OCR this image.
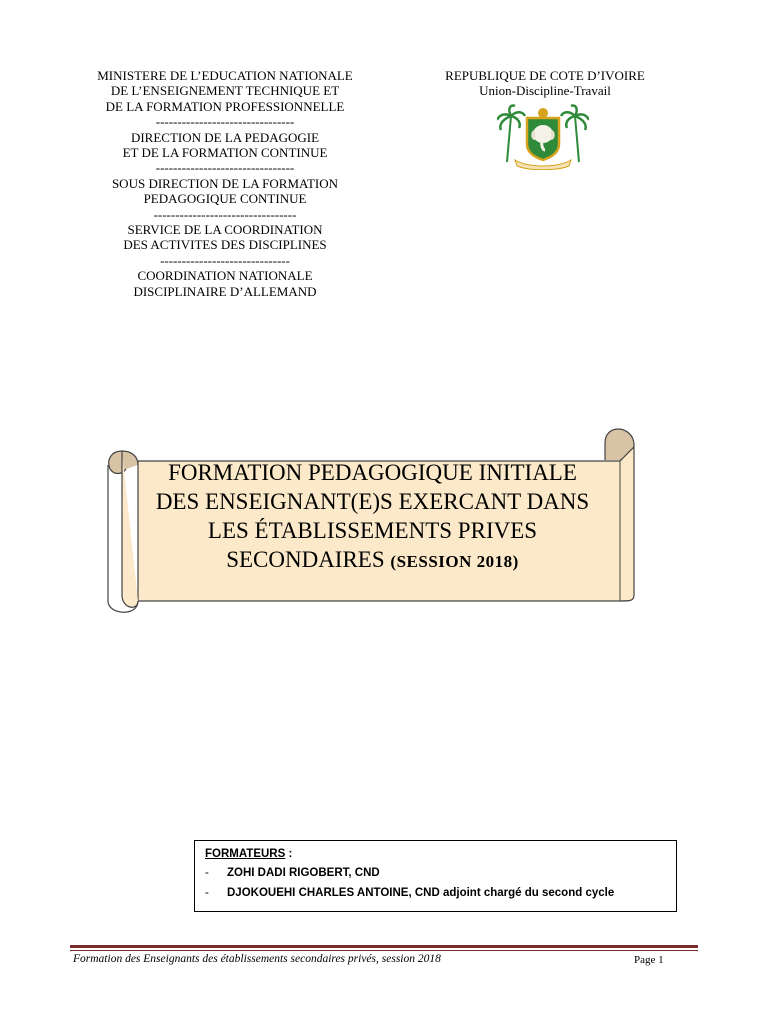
MINISTERE DE L’EDUCATION NATIONALE
DE L’ENSEIGNEMENT TECHNIQUE ET
DE LA FORMATION PROFESSIONNELLE
--------------------------------
DIRECTION DE LA PEDAGOGIE
ET DE LA FORMATION CONTINUE
--------------------------------
SOUS DIRECTION DE LA FORMATION
PEDAGOGIQUE CONTINUE
---------------------------------
SERVICE DE LA COORDINATION
DES ACTIVITES DES DISCIPLINES
------------------------------
COORDINATION NATIONALE
DISCIPLINAIRE D’ALLEMAND
REPUBLIQUE DE COTE D’IVOIRE
Union-Discipline-Travail
FORMATION PEDAGOGIQUE INITIALE
DES ENSEIGNANT(E)S EXERCANT DANS
LES ÉTABLISSEMENTS PRIVES
SECONDAIRES (SESSION 2018)
FORMATEURS :
-	ZOHI DADI RIGOBERT, CND
-	DJOKOUEHI CHARLES ANTOINE, CND adjoint chargé du second cycle
Formation des Enseignants des établissements secondaires privés, session 2018	Page 1
